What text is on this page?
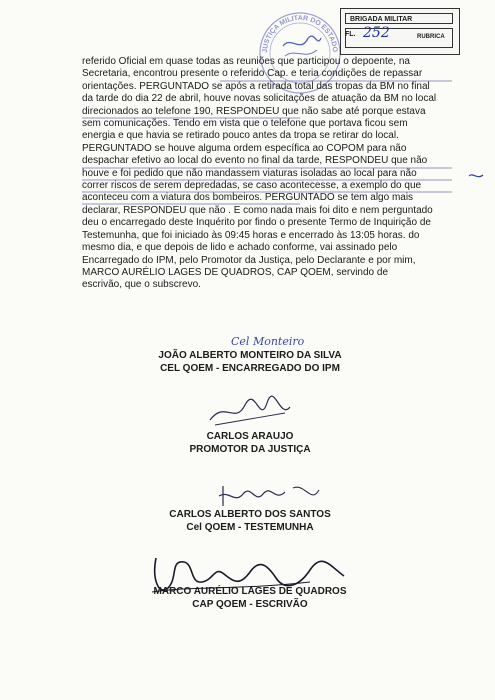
JUSTIÇA MILITAR DO ESTADO
BRIGADA MILITAR
FL. 252	RUBRICA

referido Oficial em quase todas as reuniões que participou o depoente, na

Secretaria, encontrou presente o referido Cap. e teria condições de repassar

orientações. PERGUNTADO se após a retirada total das tropas da BM no final

da tarde do dia 22 de abril, houve novas solicitações de atuação da BM no local

direcionados ao telefone 190, RESPONDEU que não sabe até porque estava

sem comunicações. Tendo em vista que o telefone que portava ficou sem

energia e que havia se retirado pouco antes da tropa se retirar do local.

PERGUNTADO se houve alguma ordem específica ao COPOM para não

despachar efetivo ao local do evento no final da tarde, RESPONDEU que não

houve e foi pedido que não mandassem viaturas isoladas ao local para não

correr riscos de serem depredadas, se caso acontecesse, a exemplo do que

aconteceu com a viatura dos bombeiros. PERGUNTADO se tem algo mais

declarar, RESPONDEU que não . E como nada mais foi dito e nem perguntado

deu o encarregado deste Inquérito por findo o presente Termo de Inquirição de

Testemunha, que foi iniciado às 09:45 horas e encerrado às 13:05 horas. do

mesmo dia, e que depois de lido e achado conforme, vai assinado pelo

Encarregado do IPM, pelo Promotor da Justiça, pelo Declarante e por mim,

MARCO AURÉLIO LAGES DE QUADROS, CAP QOEM, servindo de

escrivão, que o subscrevo.

Cel Monteiro
JOÃO ALBERTO MONTEIRO DA SILVA
CEL QOEM - ENCARREGADO DO IPM
CARLOS ARAUJO
PROMOTOR DA JUSTIÇA
CARLOS ALBERTO DOS SANTOS
Cel QOEM - TESTEMUNHA
MARCO AURÉLIO LAGES DE QUADROS
CAP QOEM - ESCRIVÃO
